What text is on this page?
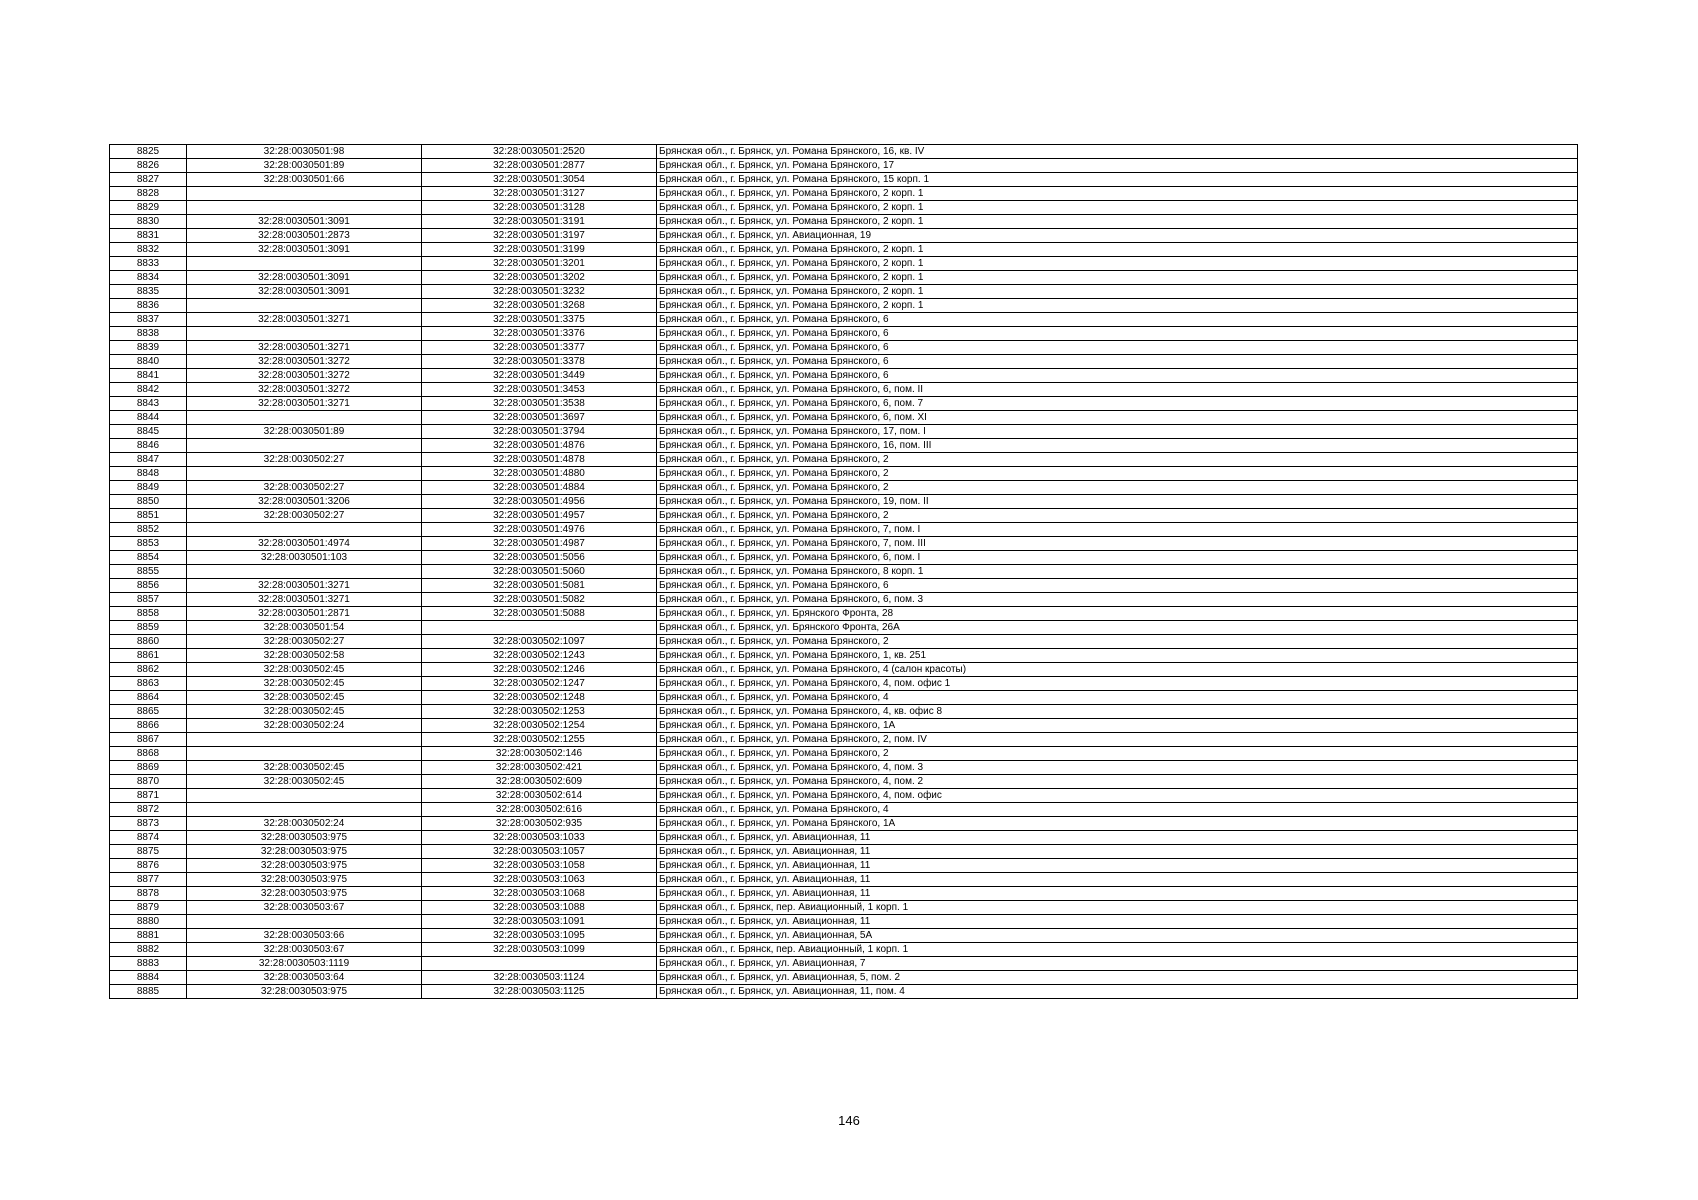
8825	32:28:0030501:98	32:28:0030501:2520	Брянская обл., г. Брянск, ул. Романа Брянского, 16, кв. IV
8826	32:28:0030501:89	32:28:0030501:2877	Брянская обл., г. Брянск, ул. Романа Брянского, 17
8827	32:28:0030501:66	32:28:0030501:3054	Брянская обл., г. Брянск, ул. Романа Брянского, 15 корп. 1
8828		32:28:0030501:3127	Брянская обл., г. Брянск, ул. Романа Брянского, 2 корп. 1
8829		32:28:0030501:3128	Брянская обл., г. Брянск, ул. Романа Брянского, 2 корп. 1
8830	32:28:0030501:3091	32:28:0030501:3191	Брянская обл., г. Брянск, ул. Романа Брянского, 2 корп. 1
8831	32:28:0030501:2873	32:28:0030501:3197	Брянская обл., г. Брянск, ул. Авиационная, 19
8832	32:28:0030501:3091	32:28:0030501:3199	Брянская обл., г. Брянск, ул. Романа Брянского, 2 корп. 1
8833		32:28:0030501:3201	Брянская обл., г. Брянск, ул. Романа Брянского, 2 корп. 1
8834	32:28:0030501:3091	32:28:0030501:3202	Брянская обл., г. Брянск, ул. Романа Брянского, 2 корп. 1
8835	32:28:0030501:3091	32:28:0030501:3232	Брянская обл., г. Брянск, ул. Романа Брянского, 2 корп. 1
8836		32:28:0030501:3268	Брянская обл., г. Брянск, ул. Романа Брянского, 2 корп. 1
8837	32:28:0030501:3271	32:28:0030501:3375	Брянская обл., г. Брянск, ул. Романа Брянского, 6
8838		32:28:0030501:3376	Брянская обл., г. Брянск, ул. Романа Брянского, 6
8839	32:28:0030501:3271	32:28:0030501:3377	Брянская обл., г. Брянск, ул. Романа Брянского, 6
8840	32:28:0030501:3272	32:28:0030501:3378	Брянская обл., г. Брянск, ул. Романа Брянского, 6
8841	32:28:0030501:3272	32:28:0030501:3449	Брянская обл., г. Брянск, ул. Романа Брянского, 6
8842	32:28:0030501:3272	32:28:0030501:3453	Брянская обл., г. Брянск, ул. Романа Брянского, 6, пом. II
8843	32:28:0030501:3271	32:28:0030501:3538	Брянская обл., г. Брянск, ул. Романа Брянского, 6, пом. 7
8844		32:28:0030501:3697	Брянская обл., г. Брянск, ул. Романа Брянского, 6, пом. XI
8845	32:28:0030501:89	32:28:0030501:3794	Брянская обл., г. Брянск, ул. Романа Брянского, 17, пом. I
8846		32:28:0030501:4876	Брянская обл., г. Брянск, ул. Романа Брянского, 16, пом. III
8847	32:28:0030502:27	32:28:0030501:4878	Брянская обл., г. Брянск, ул. Романа Брянского, 2
8848		32:28:0030501:4880	Брянская обл., г. Брянск, ул. Романа Брянского, 2
8849	32:28:0030502:27	32:28:0030501:4884	Брянская обл., г. Брянск, ул. Романа Брянского, 2
8850	32:28:0030501:3206	32:28:0030501:4956	Брянская обл., г. Брянск, ул. Романа Брянского, 19, пом. II
8851	32:28:0030502:27	32:28:0030501:4957	Брянская обл., г. Брянск, ул. Романа Брянского, 2
8852		32:28:0030501:4976	Брянская обл., г. Брянск, ул. Романа Брянского, 7, пом. I
8853	32:28:0030501:4974	32:28:0030501:4987	Брянская обл., г. Брянск, ул. Романа Брянского, 7, пом. III
8854	32:28:0030501:103	32:28:0030501:5056	Брянская обл., г. Брянск, ул. Романа Брянского, 6, пом. I
8855		32:28:0030501:5060	Брянская обл., г. Брянск, ул. Романа Брянского, 8 корп. 1
8856	32:28:0030501:3271	32:28:0030501:5081	Брянская обл., г. Брянск, ул. Романа Брянского, 6
8857	32:28:0030501:3271	32:28:0030501:5082	Брянская обл., г. Брянск, ул. Романа Брянского, 6, пом. 3
8858	32:28:0030501:2871	32:28:0030501:5088	Брянская обл., г. Брянск, ул. Брянского Фронта, 28
8859	32:28:0030501:54		Брянская обл., г. Брянск, ул. Брянского Фронта, 26А
8860	32:28:0030502:27	32:28:0030502:1097	Брянская обл., г. Брянск, ул. Романа Брянского, 2
8861	32:28:0030502:58	32:28:0030502:1243	Брянская обл., г. Брянск, ул. Романа Брянского, 1, кв. 251
8862	32:28:0030502:45	32:28:0030502:1246	Брянская обл., г. Брянск, ул. Романа Брянского, 4 (салон красоты)
8863	32:28:0030502:45	32:28:0030502:1247	Брянская обл., г. Брянск, ул. Романа Брянского, 4, пом. офис 1
8864	32:28:0030502:45	32:28:0030502:1248	Брянская обл., г. Брянск, ул. Романа Брянского, 4
8865	32:28:0030502:45	32:28:0030502:1253	Брянская обл., г. Брянск, ул. Романа Брянского, 4, кв. офис 8
8866	32:28:0030502:24	32:28:0030502:1254	Брянская обл., г. Брянск, ул. Романа Брянского, 1А
8867		32:28:0030502:1255	Брянская обл., г. Брянск, ул. Романа Брянского, 2, пом. IV
8868		32:28:0030502:146	Брянская обл., г. Брянск, ул. Романа Брянского, 2
8869	32:28:0030502:45	32:28:0030502:421	Брянская обл., г. Брянск, ул. Романа Брянского, 4, пом. 3
8870	32:28:0030502:45	32:28:0030502:609	Брянская обл., г. Брянск, ул. Романа Брянского, 4, пом. 2
8871		32:28:0030502:614	Брянская обл., г. Брянск, ул. Романа Брянского, 4, пом. офис
8872		32:28:0030502:616	Брянская обл., г. Брянск, ул. Романа Брянского, 4
8873	32:28:0030502:24	32:28:0030502:935	Брянская обл., г. Брянск, ул. Романа Брянского, 1А
8874	32:28:0030503:975	32:28:0030503:1033	Брянская обл., г. Брянск, ул. Авиационная, 11
8875	32:28:0030503:975	32:28:0030503:1057	Брянская обл., г. Брянск, ул. Авиационная, 11
8876	32:28:0030503:975	32:28:0030503:1058	Брянская обл., г. Брянск, ул. Авиационная, 11
8877	32:28:0030503:975	32:28:0030503:1063	Брянская обл., г. Брянск, ул. Авиационная, 11
8878	32:28:0030503:975	32:28:0030503:1068	Брянская обл., г. Брянск, ул. Авиационная, 11
8879	32:28:0030503:67	32:28:0030503:1088	Брянская обл., г. Брянск, пер. Авиационный, 1 корп. 1
8880		32:28:0030503:1091	Брянская обл., г. Брянск, ул. Авиационная, 11
8881	32:28:0030503:66	32:28:0030503:1095	Брянская обл., г. Брянск, ул. Авиационная, 5А
8882	32:28:0030503:67	32:28:0030503:1099	Брянская обл., г. Брянск, пер. Авиационный, 1 корп. 1
8883	32:28:0030503:1119		Брянская обл., г. Брянск, ул. Авиационная, 7
8884	32:28:0030503:64	32:28:0030503:1124	Брянская обл., г. Брянск, ул. Авиационная, 5, пом. 2
8885	32:28:0030503:975	32:28:0030503:1125	Брянская обл., г. Брянск, ул. Авиационная, 11, пом. 4
146
